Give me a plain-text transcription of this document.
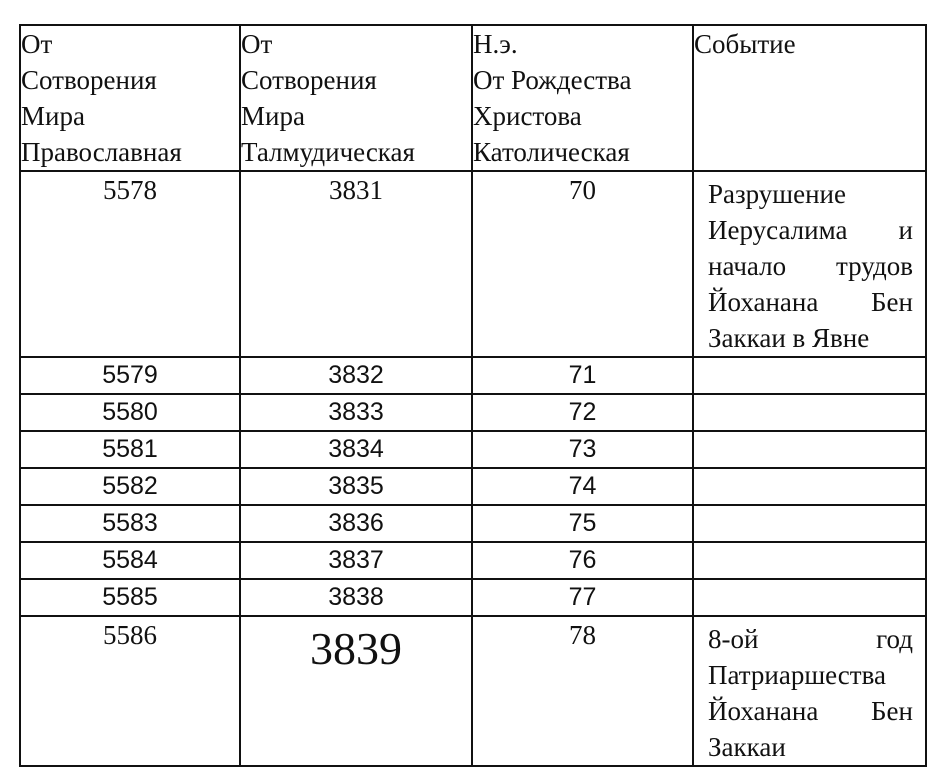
От
Сотворения
Мира
Православная	От
Сотворения
Мира
Талмудическая	Н.э.
От Рождества
Христова
Католическая	Событие

5578	3831	70	Разрушение
Иерусалима и
начало трудов
Йоханана Бен
Заккаи в Явне

5579	3832	71	
5580	3833	72	
5581	3834	73	
5582	3835	74	
5583	3836	75	
5584	3837	76	
5585	3838	77	
5586	3839	78	8-ой год
Патриаршества
Йоханана Бен
Заккаи
